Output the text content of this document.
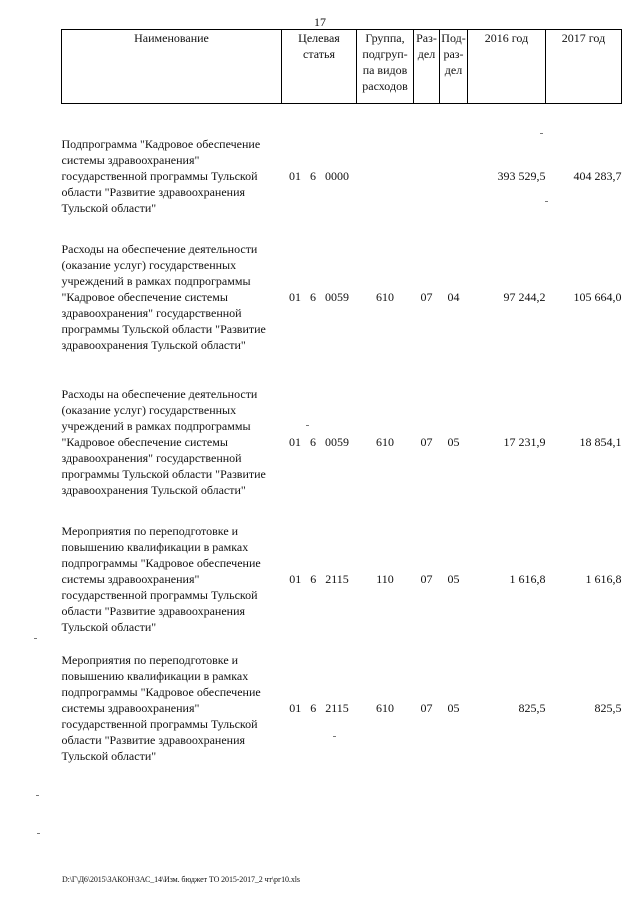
17
Наименование	Целевая статья	Группа, подгруп-па видов расходов	Раз-дел	Под-раз-дел	2016 год	2017 год

Подпрограмма "Кадровое обеспечение системы здравоохранения" государственной программы Тульской области "Развитие здравоохранения Тульской области"	01 6 0000				393 529,5	404 283,7

Расходы на обеспечение деятельности (оказание услуг) государственных учреждений в рамках подпрограммы "Кадровое обеспечение системы здравоохранения" государственной программы Тульской области "Развитие здравоохранения Тульской области"	01 6 0059	610	07	04	97 244,2	105 664,0

Расходы на обеспечение деятельности (оказание услуг) государственных учреждений в рамках подпрограммы "Кадровое обеспечение системы здравоохранения" государственной программы Тульской области "Развитие здравоохранения Тульской области"	01 6 0059	610	07	05	17 231,9	18 854,1

Мероприятия по переподготовке и повышению квалификации в рамках подпрограммы "Кадровое обеспечение системы здравоохранения" государственной программы Тульской области "Развитие здравоохранения Тульской области"	01 6 2115	110	07	05	1 616,8	1 616,8

Мероприятия по переподготовке и повышению квалификации в рамках подпрограммы "Кадровое обеспечение системы здравоохранения" государственной программы Тульской области "Развитие здравоохранения Тульской области"	01 6 2115	610	07	05	825,5	825,5
D:\Г\Д6\2015\ЗАКОН\ЗАС_14\Изм. бюджет ТО 2015-2017_2 чт\рг10.xls
